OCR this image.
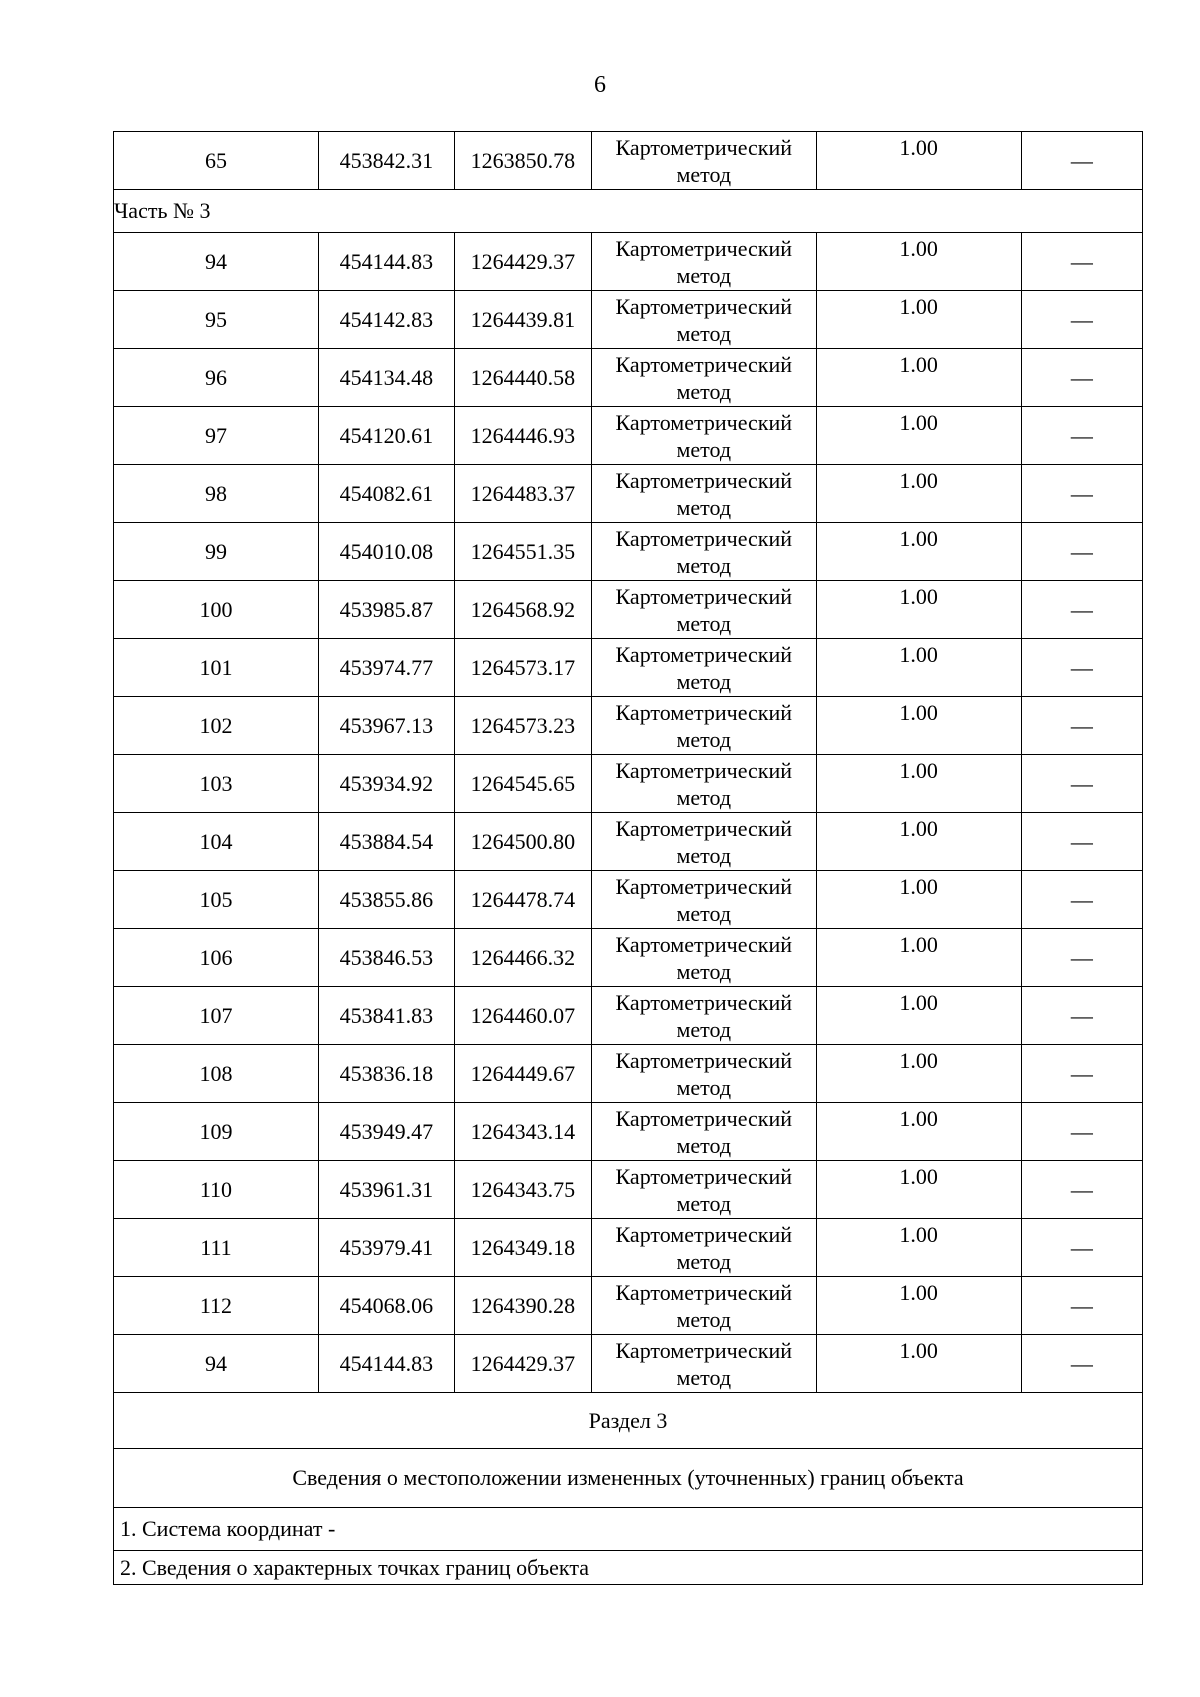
6
65	453842.31	1263850.78	Картометрический метод	1.00	—
Часть № 3					
94	454144.83	1264429.37	Картометрический метод	1.00	—
95	454142.83	1264439.81	Картометрический метод	1.00	—
96	454134.48	1264440.58	Картометрический метод	1.00	—
97	454120.61	1264446.93	Картометрический метод	1.00	—
98	454082.61	1264483.37	Картометрический метод	1.00	—
99	454010.08	1264551.35	Картометрический метод	1.00	—
100	453985.87	1264568.92	Картометрический метод	1.00	—
101	453974.77	1264573.17	Картометрический метод	1.00	—
102	453967.13	1264573.23	Картометрический метод	1.00	—
103	453934.92	1264545.65	Картометрический метод	1.00	—
104	453884.54	1264500.80	Картометрический метод	1.00	—
105	453855.86	1264478.74	Картометрический метод	1.00	—
106	453846.53	1264466.32	Картометрический метод	1.00	—
107	453841.83	1264460.07	Картометрический метод	1.00	—
108	453836.18	1264449.67	Картометрический метод	1.00	—
109	453949.47	1264343.14	Картометрический метод	1.00	—
110	453961.31	1264343.75	Картометрический метод	1.00	—
111	453979.41	1264349.18	Картометрический метод	1.00	—
112	454068.06	1264390.28	Картометрический метод	1.00	—
94	454144.83	1264429.37	Картометрический метод	1.00	—
Раздел 3					
Сведения о местоположении измененных (уточненных) границ объекта					
1. Система координат -					
2. Сведения о характерных точках границ объекта					
